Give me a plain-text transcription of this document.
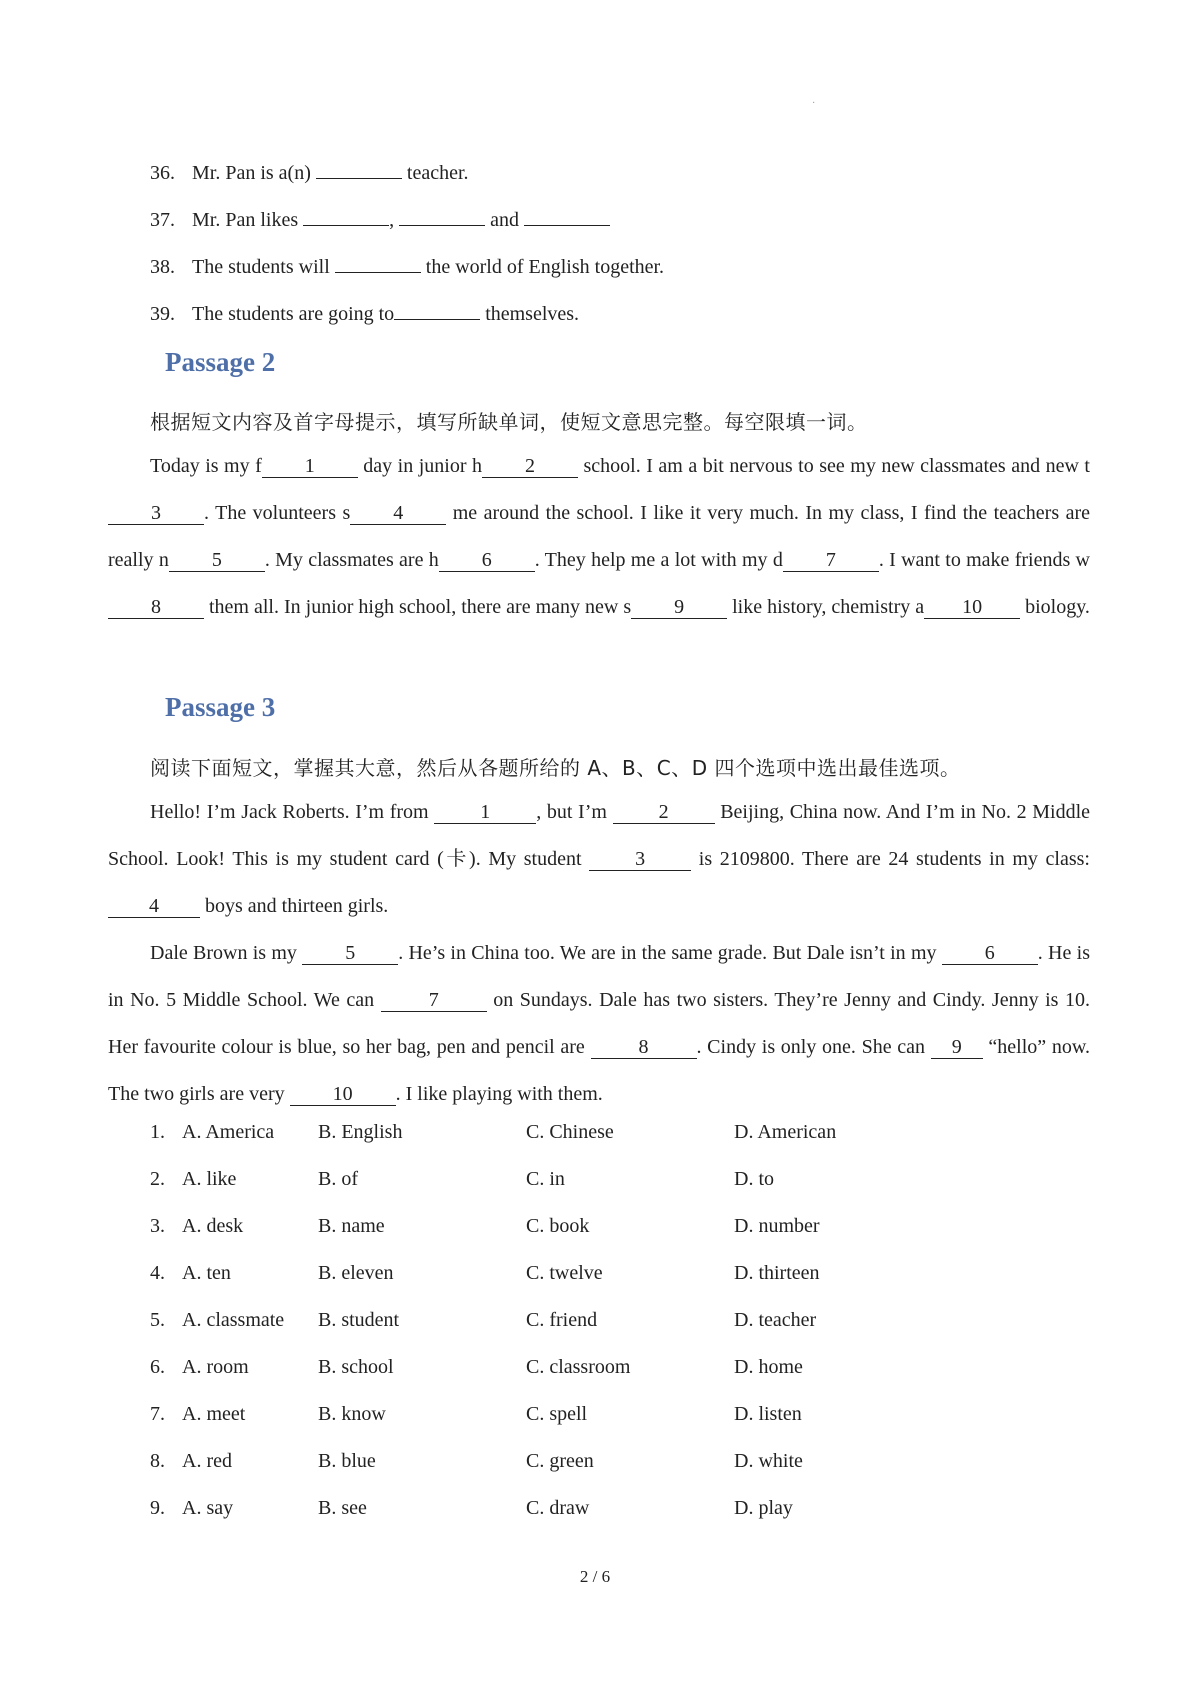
·
36. Mr. Pan is a(n)	teacher.
37. Mr. Pan likes	,	and
38. The students will	the world of English together.
39. The students are going to	themselves.
Passage 2
根据短文内容及首字母提示，填写所缺单词，使短文意思完整。每空限填一词。

Today is my f 1 day in junior h 2 school. I am a bit nervous to see my new classmates and new t3 . The volunteers s 4 me around the school. I like it very much. In my class, I find the teachers are really n 5 . My classmates are h 6 . They help me a lot with my d 7 . I want to make friends w8 them all. In junior high school, there are many new s 9 like history, chemistry a 10 biology.

Passage 3
阅读下面短文，掌握其大意，然后从各题所给的 A、B、C、D 四个选项中选出最佳选项。

Hello! I’m Jack Roberts. I’m from 1 , but I’m 2 Beijing, China now. And I’m in No. 2 Middle School. Look! This is my student card (卡). My student 3 is 2109800. There are 24 students in my class: 4 boys and thirteen girls.

Dale Brown is my 5 . He’s in China too. We are in the same grade. But Dale isn’t in my 6 . He is in No. 5 Middle School. We can 7 on Sundays. Dale has two sisters. They’re Jenny and Cindy. Jenny is 10. Her favourite colour is blue, so her bag, pen and pencil are 8 . Cindy is only one. She can 9 “hello” now. The two girls are very 10 . I like playing with them.

1. A. America B. English	C. Chinese	D. American
2. A. like	B. of	C. in	D. to
3. A. desk	B. name	C. book	D. number
4. A. ten	B. eleven	C. twelve	D. thirteen
5. A. classmate B. student	C. friend	D. teacher
6. A. room	B. school	C. classroom	D. home
7. A. meet	B. know	C. spell	D. listen
8. A. red	B. blue	C. green	D. white
9. A. say	B. see	C. draw	D. play
2 / 6
